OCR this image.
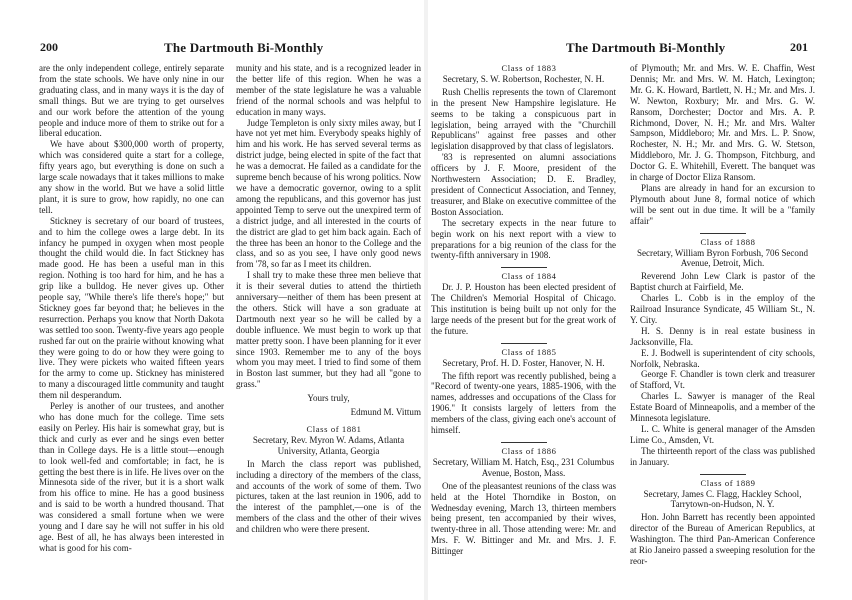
200	The Dartmouth Bi-Monthly

are the only independent college, entirely separate from the state schools. We have only nine in our graduating class, and in many ways it is the day of small things. But we are trying to get ourselves and our work before the attention of the young people and induce more of them to strike out for a liberal education.

We have about $300,000 worth of property, which was considered quite a start for a college, fifty years ago, but everything is done on such a large scale nowadays that it takes millions to make any show in the world. But we have a solid little plant, it is sure to grow, how rapidly, no one can tell.

Stickney is secretary of our board of trustees, and to him the college owes a large debt. In its infancy he pumped in oxygen when most people thought the child would die. In fact Stickney has made good. He has been a useful man in this region. Nothing is too hard for him, and he has a grip like a bulldog. He never gives up. Other people say, "While there's life there's hope;" but Stickney goes far beyond that; he believes in the resurrection. Perhaps you know that North Dakota was settled too soon. Twenty-five years ago people rushed far out on the prairie without knowing what they were going to do or how they were going to live. They were pickets who waited fifteen years for the army to come up. Stickney has ministered to many a discouraged little community and taught them nil desperandum.

Perley is another of our trustees, and another who has done much for the college. Time sets easily on Perley. His hair is somewhat gray, but is thick and curly as ever and he sings even better than in College days. He is a little stout—enough to look well-fed and comfortable; in fact, he is getting the best there is in life. He lives over on the Minnesota side of the river, but it is a short walk from his office to mine. He has a good business and is said to be worth a hundred thousand. That was considered a small fortune when we were young and I dare say he will not suffer in his old age. Best of all, he has always been interested in what is good for his com-

munity and his state, and is a recognized leader in the better life of this region. When he was a member of the state legislature he was a valuable friend of the normal schools and was helpful to education in many ways.

Judge Templeton is only sixty miles away, but I have not yet met him. Everybody speaks highly of him and his work. He has served several terms as district judge, being elected in spite of the fact that he was a democrat. He failed as a candidate for the supreme bench because of his wrong politics. Now we have a democratic governor, owing to a split among the republicans, and this governor has just appointed Temp to serve out the unexpired term of a district judge, and all interested in the courts of the district are glad to get him back again. Each of the three has been an honor to the College and the class, and so as you see, I have only good news from '78, so far as I meet its children.

I shall try to make these three men believe that it is their several duties to attend the thirtieth anniversary—neither of them has been present at the others. Stick will have a son graduate at Dartmouth next year so he will be called by a double influence. We must begin to work up that matter pretty soon. I have been planning for it ever since 1903. Remember me to any of the boys whom you may meet. I tried to find some of them in Boston last summer, but they had all "gone to grass."

Yours truly,

Edmund M. Vittum

Class of 1881

Secretary, Rev. Myron W. Adams, Atlanta University, Atlanta, Georgia

In March the class report was published, including a directory of the members of the class, and accounts of the work of some of them. Two pictures, taken at the last reunion in 1906, add to the interest of the pamphlet,—one is of the members of the class and the other of their wives and children who were there present.

The Dartmouth Bi-Monthly	201

Class of 1883

Secretary, S. W. Robertson, Rochester, N. H.

Rush Chellis represents the town of Claremont in the present New Hampshire legislature. He seems to be taking a conspicuous part in legislation, being arrayed with the "Churchill Republicans" against free passes and other legislation disapproved by that class of legislators.

'83 is represented on alumni associations officers by J. F. Moore, president of the Northwestern Association; D. E. Bradley, president of Connecticut Association, and Tenney, treasurer, and Blake on executive committee of the Boston Association.

The secretary expects in the near future to begin work on his next report with a view to preparations for a big reunion of the class for the twenty-fifth anniversary in 1908.

Class of 1884

Dr. J. P. Houston has been elected president of The Children's Memorial Hospital of Chicago. This institution is being built up not only for the large needs of the present but for the great work of the future.

Class of 1885

Secretary, Prof. H. D. Foster, Hanover, N. H.

The fifth report was recently published, being a "Record of twenty-one years, 1885-1906, with the names, addresses and occupations of the Class for 1906." It consists largely of letters from the members of the class, giving each one's account of himself.

Class of 1886

Secretary, William M. Hatch, Esq., 231 Columbus Avenue, Boston, Mass.

One of the pleasantest reunions of the class was held at the Hotel Thorndike in Boston, on Wednesday evening, March 13, thirteen members being present, ten accompanied by their wives, twenty-three in all. Those attending were: Mr. and Mrs. F. W. Bittinger and Mr. and Mrs. J. F. Bittinger

of Plymouth; Mr. and Mrs. W. E. Chaffin, West Dennis; Mr. and Mrs. W. M. Hatch, Lexington; Mr. G. K. Howard, Bartlett, N. H.; Mr. and Mrs. J. W. Newton, Roxbury; Mr. and Mrs. G. W. Ransom, Dorchester; Doctor and Mrs. A. P. Richmond, Dover, N. H.; Mr. and Mrs. Walter Sampson, Middleboro; Mr. and Mrs. L. P. Snow, Rochester, N. H.; Mr. and Mrs. G. W. Stetson, Middleboro, Mr. J. G. Thompson, Fitchburg, and Doctor G. E. Whitehill, Everett. The banquet was in charge of Doctor Eliza Ransom.

Plans are already in hand for an excursion to Plymouth about June 8, formal notice of which will be sent out in due time. It will be a "family affair"

Class of 1888

Secretary, William Byron Forbush, 706 Second Avenue, Detroit, Mich.

Reverend John Lew Clark is pastor of the Baptist church at Fairfield, Me.

Charles L. Cobb is in the employ of the Railroad Insurance Syndicate, 45 William St., N. Y. City.

H. S. Denny is in real estate business in Jacksonville, Fla.

E. J. Bodwell is superintendent of city schools, Norfolk, Nebraska.

George F. Chandler is town clerk and treasurer of Stafford, Vt.

Charles L. Sawyer is manager of the Real Estate Board of Minneapolis, and a member of the Minnesota legislature.

L. C. White is general manager of the Amsden Lime Co., Amsden, Vt.

The thirteenth report of the class was published in January.

Class of 1889

Secretary, James C. Flagg, Hackley School, Tarrytown-on-Hudson, N. Y.

Hon. John Barrett has recently been appointed director of the Bureau of American Republics, at Washington. The third Pan-American Conference at Rio Janeiro passed a sweeping resolution for the reor-
